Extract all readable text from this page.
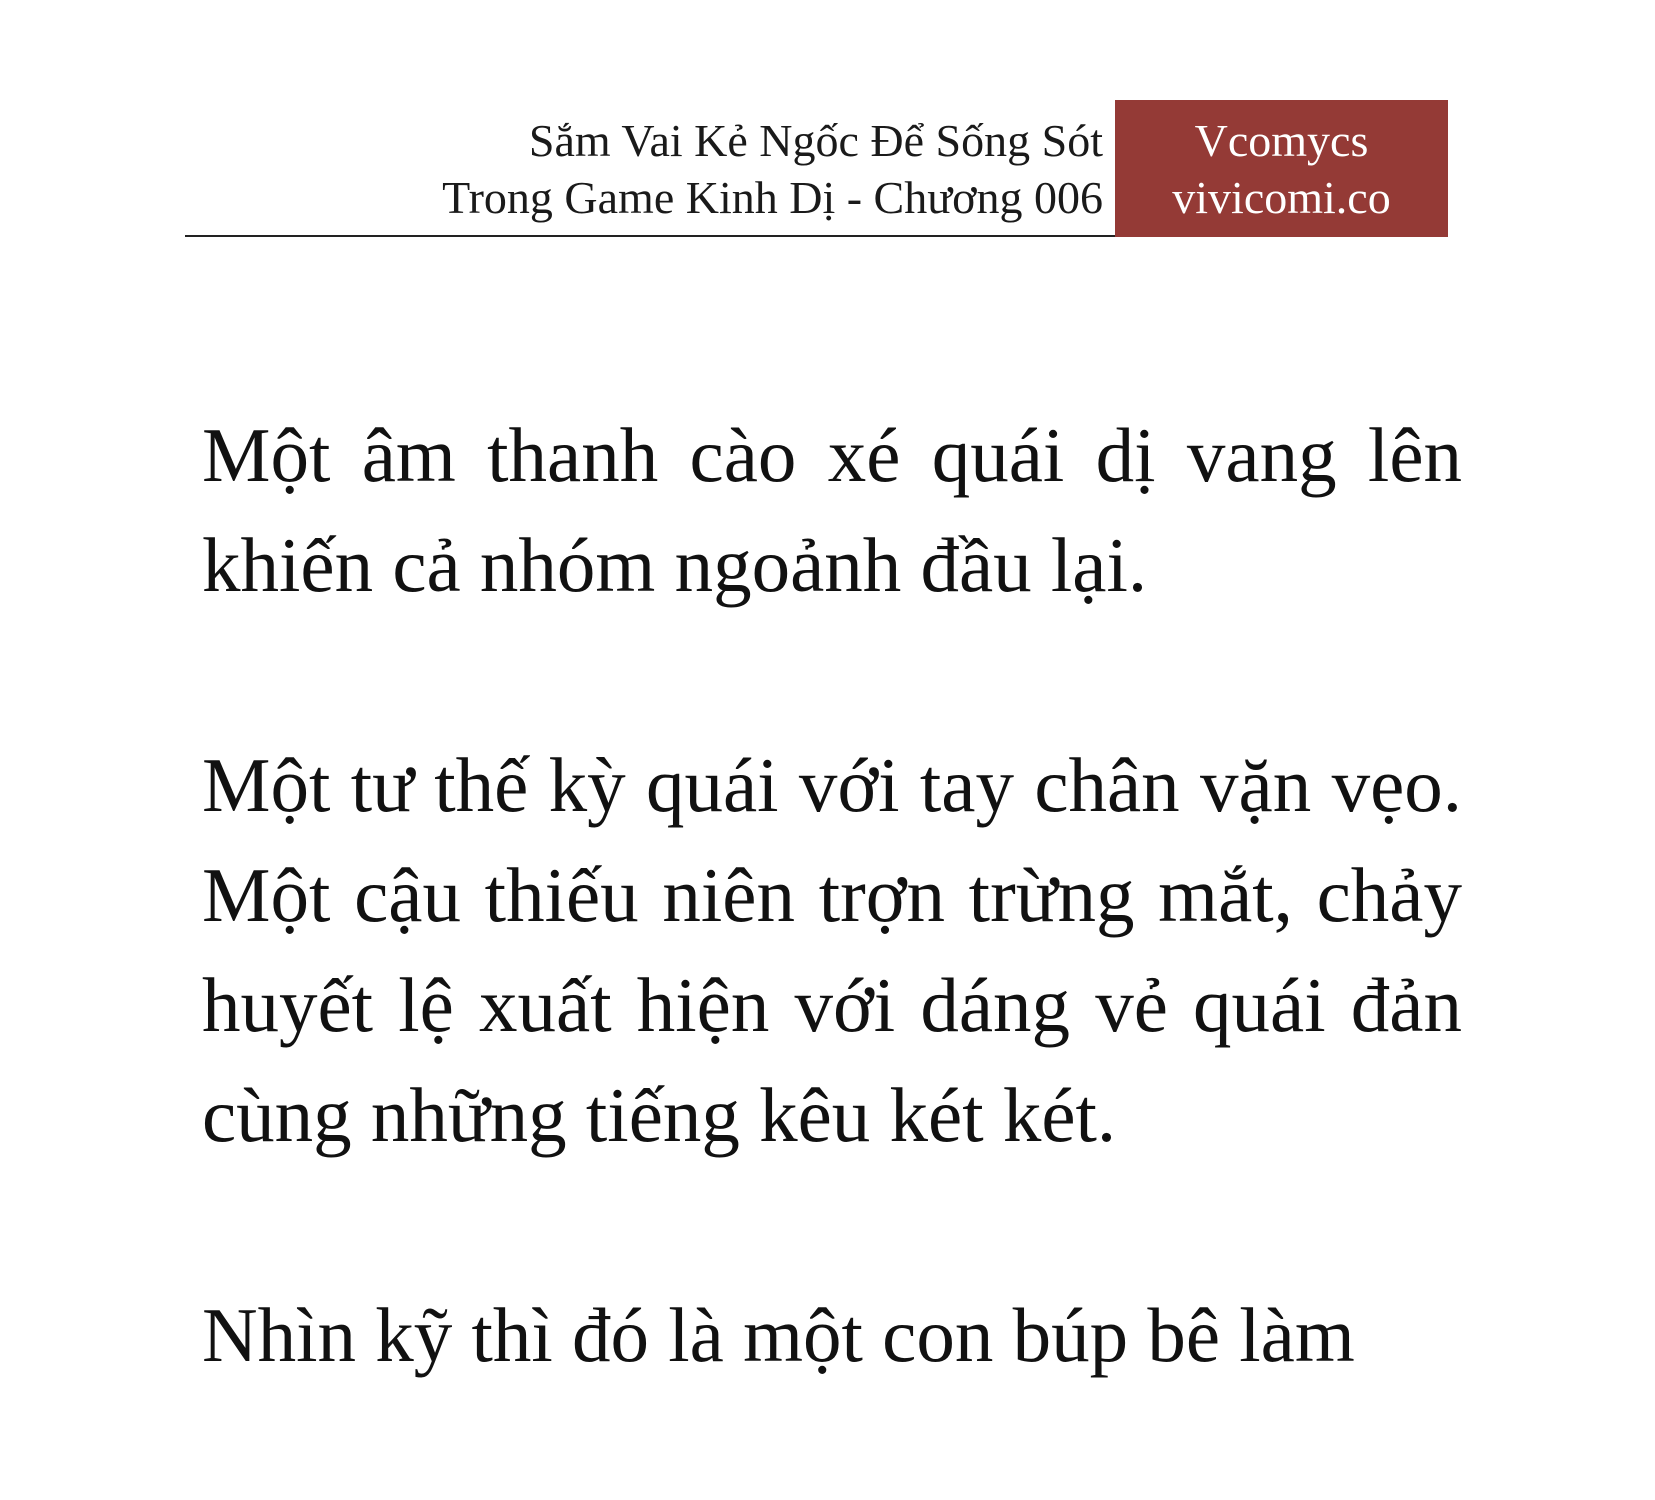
Sắm Vai Kẻ Ngốc Để Sống Sót
Trong Game Kinh Dị - Chương 006
Vcomycs
vivicomi.co

Một âm thanh cào xé quái dị vang lên khiến cả nhóm ngoảnh đầu lại.

Một tư thế kỳ quái với tay chân vặn vẹo. Một cậu thiếu niên trợn trừng mắt, chảy huyết lệ xuất hiện với dáng vẻ quái đản cùng những tiếng kêu két két.

Nhìn kỹ thì đó là một con búp bê làm
